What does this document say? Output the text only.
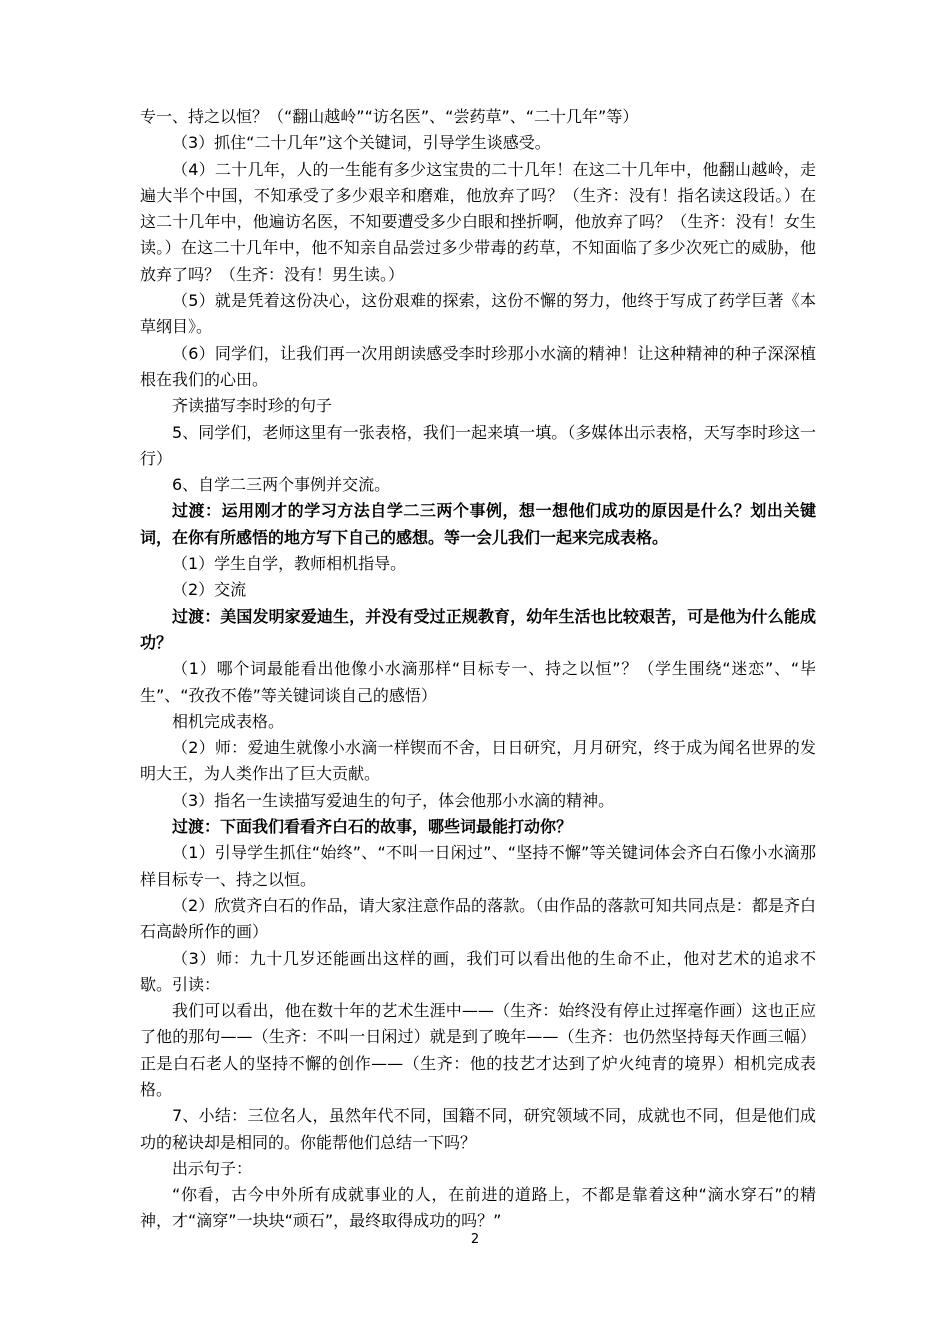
专一、持之以恒？（“翻山越岭”“访名医”、“尝药草”、“二十几年”等）

（3）抓住“二十几年”这个关键词，引导学生谈感受。

（4）二十几年，人的一生能有多少这宝贵的二十几年！在这二十几年中，他翻山越岭，走遍大半个中国，不知承受了多少艰辛和磨难，他放弃了吗？（生齐：没有！指名读这段话。）在这二十几年中，他遍访名医，不知要遭受多少白眼和挫折啊，他放弃了吗？（生齐：没有！女生读。）在这二十几年中，他不知亲自品尝过多少带毒的药草，不知面临了多少次死亡的威胁，他放弃了吗？（生齐：没有！男生读。）

（5）就是凭着这份决心，这份艰难的探索，这份不懈的努力，他终于写成了药学巨著《本草纲目》。

（6）同学们，让我们再一次用朗读感受李时珍那小水滴的精神！让这种精神的种子深深植根在我们的心田。

齐读描写李时珍的句子

5、同学们，老师这里有一张表格，我们一起来填一填。（多媒体出示表格，天写李时珍这一行）

6、自学二三两个事例并交流。

过渡：运用刚才的学习方法自学二三两个事例，想一想他们成功的原因是什么？划出关键词，在你有所感悟的地方写下自己的感想。等一会儿我们一起来完成表格。

（1）学生自学，教师相机指导。

（2）交流

过渡：美国发明家爱迪生，并没有受过正规教育，幼年生活也比较艰苦，可是他为什么能成功？

（1）哪个词最能看出他像小水滴那样“目标专一、持之以恒”？（学生围绕“迷恋”、“毕生”、“孜孜不倦”等关键词谈自己的感悟）

相机完成表格。

（2）师：爱迪生就像小水滴一样锲而不舍，日日研究，月月研究，终于成为闻名世界的发明大王，为人类作出了巨大贡献。

（3）指名一生读描写爱迪生的句子，体会他那小水滴的精神。

过渡：下面我们看看齐白石的故事，哪些词最能打动你？

（1）引导学生抓住“始终”、“不叫一日闲过”、“坚持不懈”等关键词体会齐白石像小水滴那样目标专一、持之以恒。

（2）欣赏齐白石的作品，请大家注意作品的落款。（由作品的落款可知共同点是：都是齐白石高龄所作的画）

（3）师：九十几岁还能画出这样的画，我们可以看出他的生命不止，他对艺术的追求不歇。引读：

我们可以看出，他在数十年的艺术生涯中——（生齐：始终没有停止过挥毫作画）这也正应了他的那句——（生齐：不叫一日闲过）就是到了晚年——（生齐：也仍然坚持每天作画三幅）正是白石老人的坚持不懈的创作——（生齐：他的技艺才达到了炉火纯青的境界）相机完成表格。

7、小结：三位名人，虽然年代不同，国籍不同，研究领域不同，成就也不同，但是他们成功的秘诀却是相同的。你能帮他们总结一下吗？

出示句子：

“你看，古今中外所有成就事业的人，在前进的道路上，不都是靠着这种“滴水穿石”的精神，才“滴穿”一块块“顽石”，最终取得成功的吗？”

2
